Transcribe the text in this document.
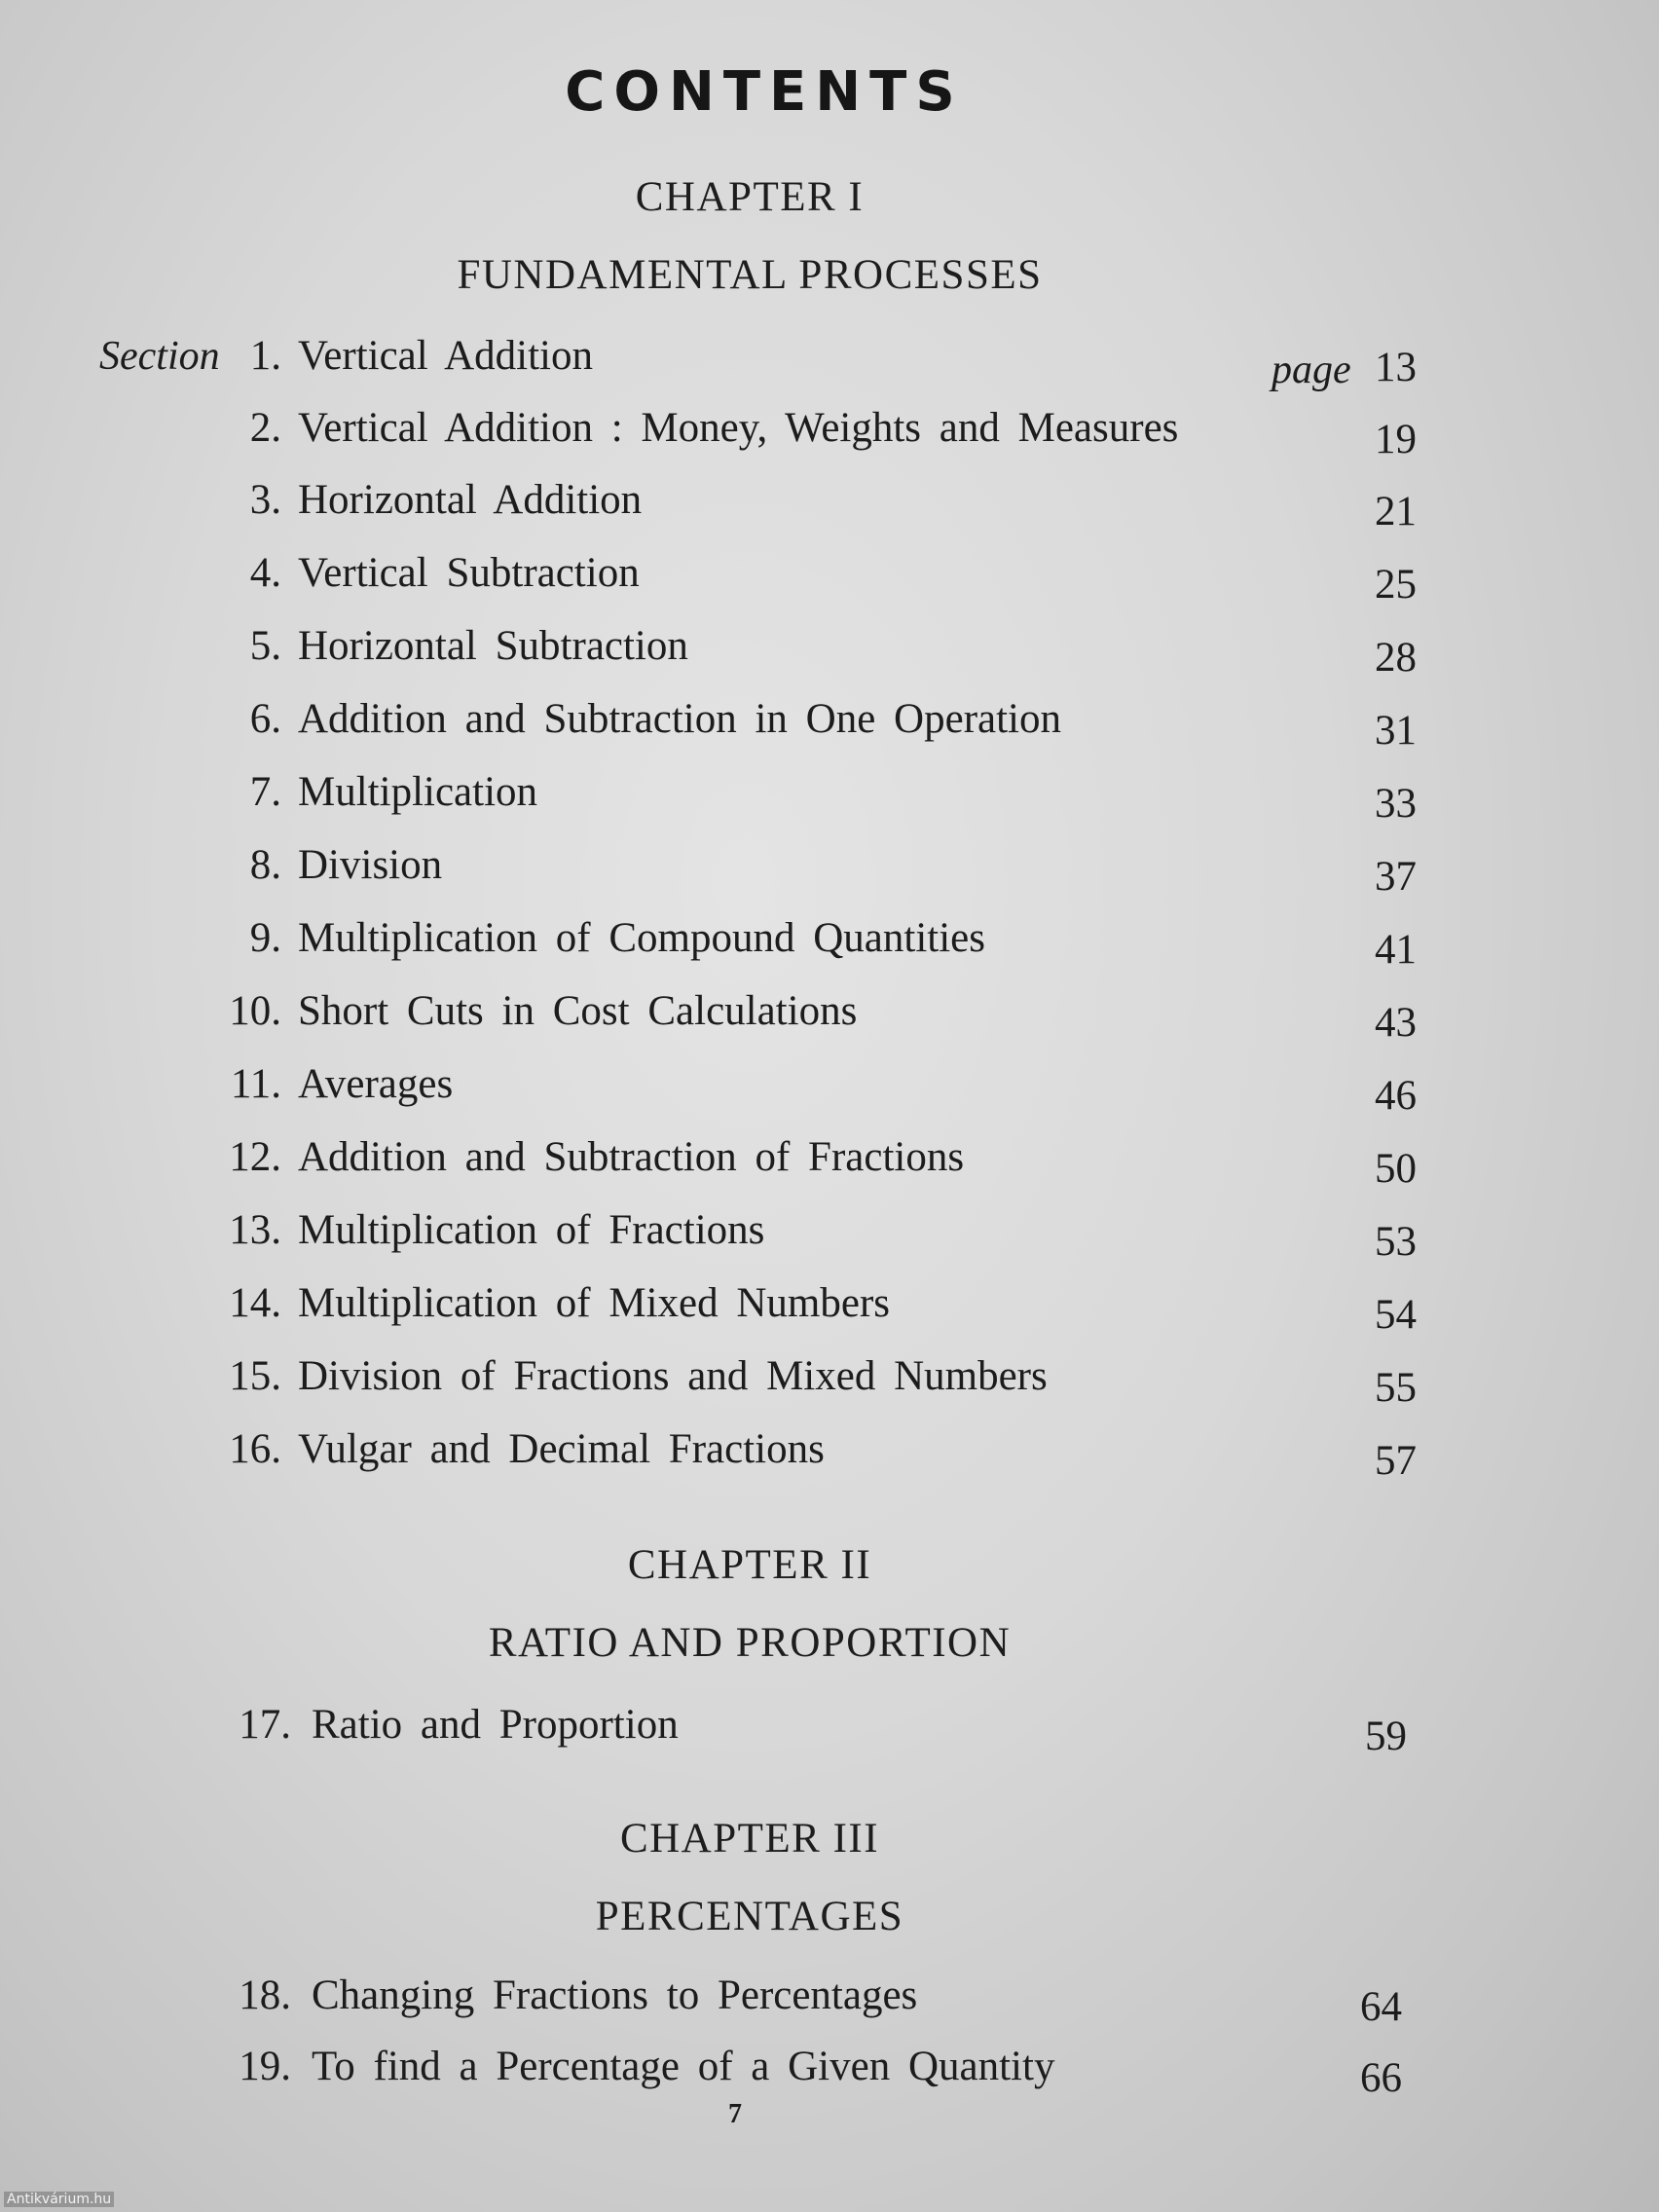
CONTENTS
CHAPTER I
FUNDAMENTAL PROCESSES
Section	page
1. Vertical Addition	13
2. Vertical Addition : Money, Weights and Measures	19
3. Horizontal Addition	21
4. Vertical Subtraction	25
5. Horizontal Subtraction	28
6. Addition and Subtraction in One Operation	31
7. Multiplication	33
8. Division	37
9. Multiplication of Compound Quantities	41
10. Short Cuts in Cost Calculations	43
11. Averages	46
12. Addition and Subtraction of Fractions	50
13. Multiplication of Fractions	53
14. Multiplication of Mixed Numbers	54
15. Division of Fractions and Mixed Numbers	55
16. Vulgar and Decimal Fractions	57
CHAPTER II
RATIO AND PROPORTION
17. Ratio and Proportion	59
CHAPTER III
PERCENTAGES
18. Changing Fractions to Percentages	64
19. To find a Percentage of a Given Quantity	66
7
Antikvárium.hu
